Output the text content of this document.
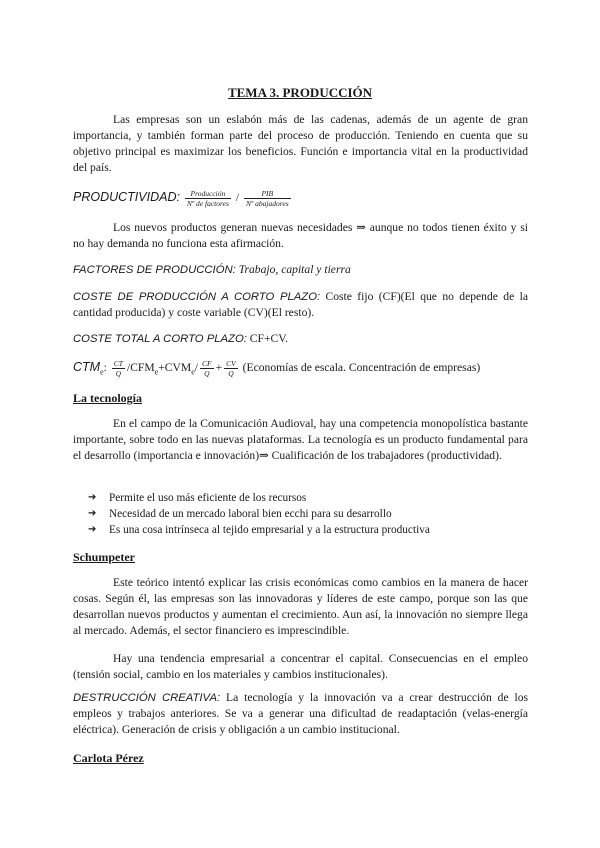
TEMA 3. PRODUCCIÓN

Las empresas son un eslabón más de las cadenas, además de un agente de gran importancia, y también forman parte del proceso de producción. Teniendo en cuenta que su objetivo principal es maximizar los beneficios. Función e importancia vital en la productividad del país.

PRODUCTIVIDAD: $\frac{\text{Producción}}{\text{Nº de factores}} / \frac{\text{PIB}}{\text{Nº abajadores}}$

Los nuevos productos generan nuevas necesidades ⇒ aunque no todos tienen éxito y si no hay demanda no funciona esta afirmación.

FACTORES DE PRODUCCIÓN: Trabajo, capital y tierra

COSTE DE PRODUCCIÓN A CORTO PLAZO: Coste fijo (CF)(El que no depende de la cantidad producida) y coste variable (CV)(El resto).

COSTE TOTAL A CORTO PLAZO: CF+CV.
$CTM_e$: $\frac{CT}{Q} /CFM_e+CVM_e/ \frac{CF}{Q} + \frac{CV}{Q}$ (Economías de escala. Concentración de empresas)
La tecnología

En el campo de la Comunicación Audioval, hay una competencia monopolística bastante importante, sobre todo en las nuevas plataformas. La tecnología es un producto fundamental para el desarrollo (importancia e innovación)⇒ Cualificación de los trabajadores (productividad).

➔ Permite el uso más eficiente de los recursos
➔ Necesidad de un mercado laboral bien ecchi para su desarrollo
➔ Es una cosa intrínseca al tejido empresarial y a la estructura productiva
Schumpeter

Este teórico intentó explicar las crisis económicas como cambios en la manera de hacer cosas. Según él, las empresas son las innovadoras y líderes de este campo, porque son las que desarrollan nuevos productos y aumentan el crecimiento. Aun así, la innovación no siempre llega al mercado. Además, el sector financiero es imprescindible.

Hay una tendencia empresarial a concentrar el capital. Consecuencias en el empleo (tensión social, cambio en los materiales y cambios institucionales).

DESTRUCCIÓN CREATIVA: La tecnología y la innovación va a crear destrucción de los empleos y trabajos anteriores. Se va a generar una dificultad de readaptación (velas-energía eléctrica). Generación de crisis y obligación a un cambio institucional.

Carlota Pérez
